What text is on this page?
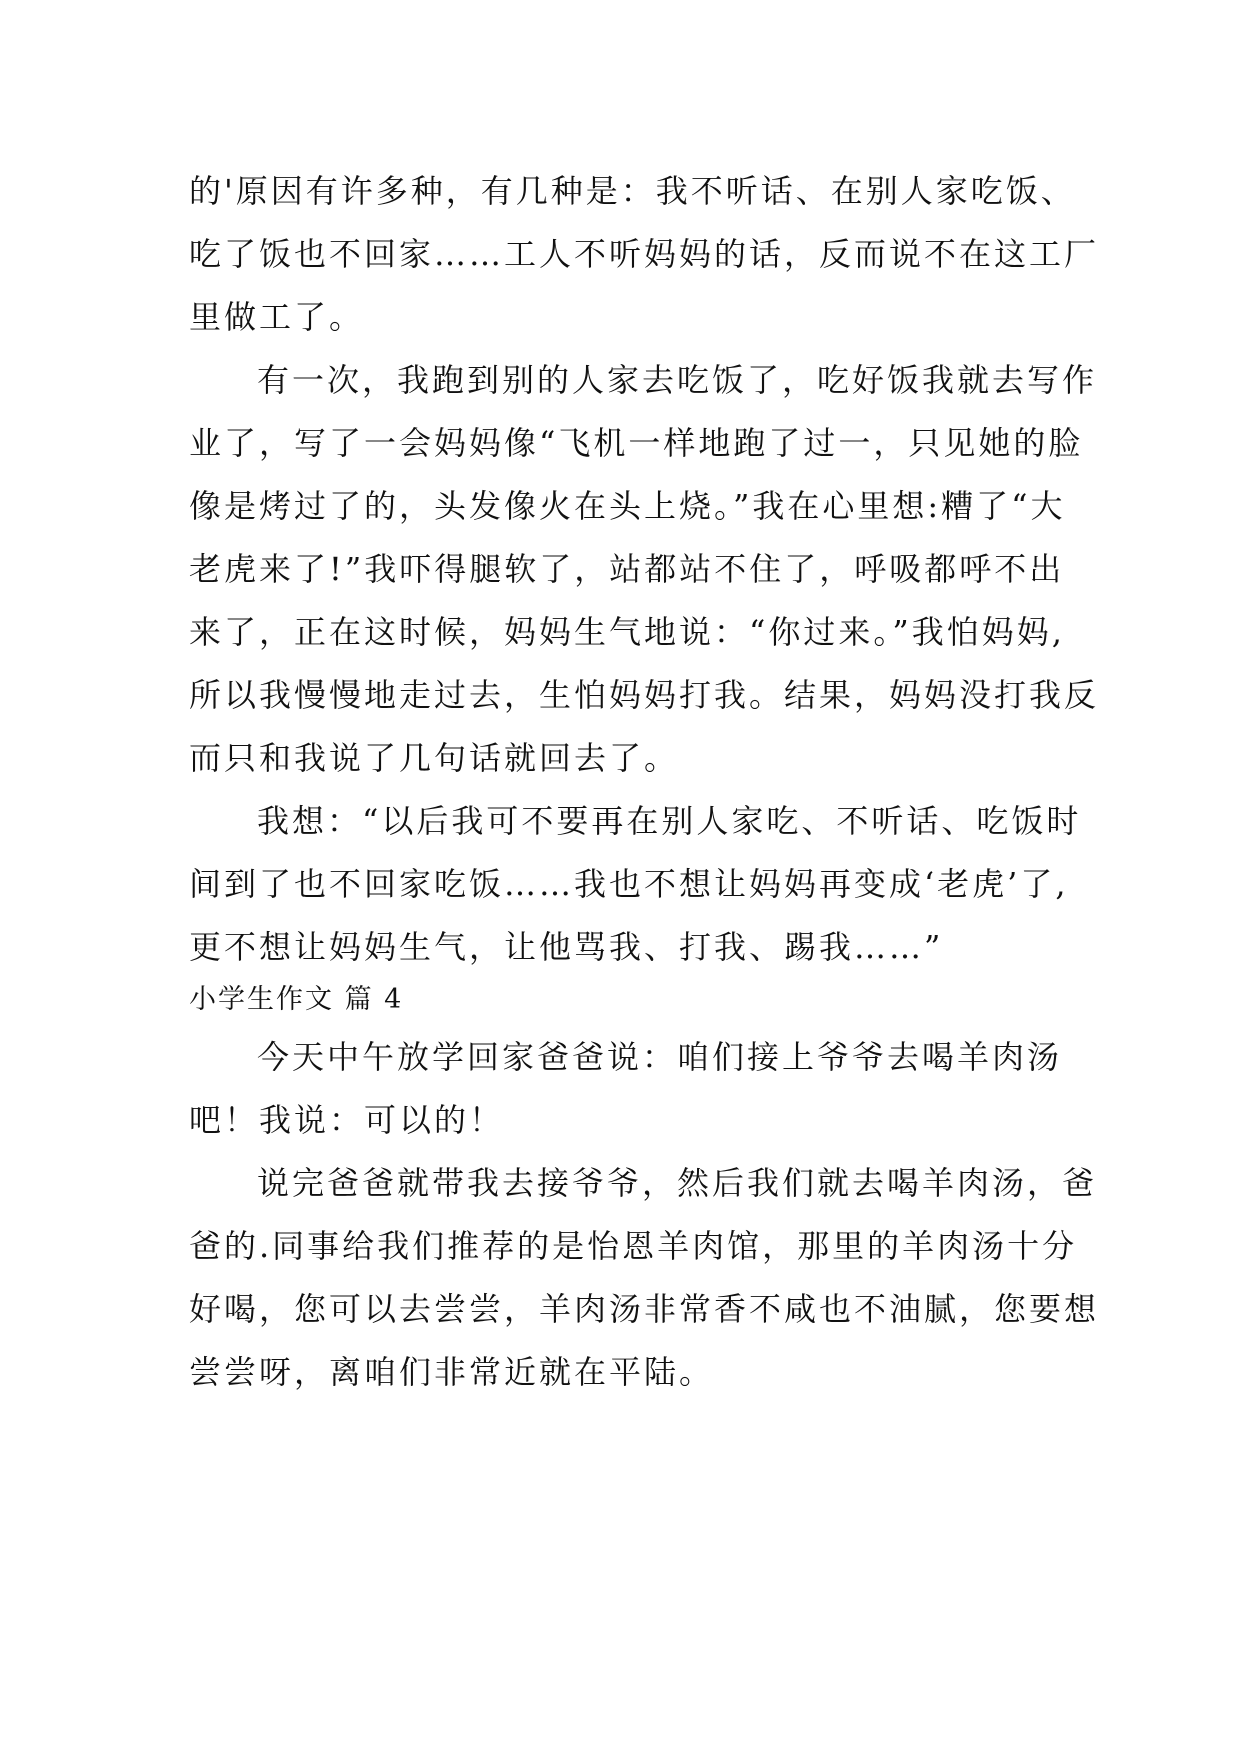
的'原因有许多种，有几种是：我不听话、在别人家吃饭、
吃了饭也不回家……工人不听妈妈的话，反而说不在这工厂
里做工了。
有一次，我跑到别的人家去吃饭了，吃好饭我就去写作
业了，写了一会妈妈像“飞机一样地跑了过一，只见她的脸
像是烤过了的，头发像火在头上烧。”我在心里想:糟了“大
老虎来了!”我吓得腿软了，站都站不住了，呼吸都呼不出
来了，正在这时候，妈妈生气地说：“你过来。”我怕妈妈,
所以我慢慢地走过去，生怕妈妈打我。结果，妈妈没打我反
而只和我说了几句话就回去了。
我想：“以后我可不要再在别人家吃、不听话、吃饭时
间到了也不回家吃饭……我也不想让妈妈再变成‘老虎’了,
更不想让妈妈生气，让他骂我、打我、踢我……”
小学生作文 篇 4
今天中午放学回家爸爸说：咱们接上爷爷去喝羊肉汤
吧！我说：可以的！
说完爸爸就带我去接爷爷，然后我们就去喝羊肉汤，爸
爸的.同事给我们推荐的是怡恩羊肉馆，那里的羊肉汤十分
好喝，您可以去尝尝，羊肉汤非常香不咸也不油腻，您要想
尝尝呀，离咱们非常近就在平陆。
